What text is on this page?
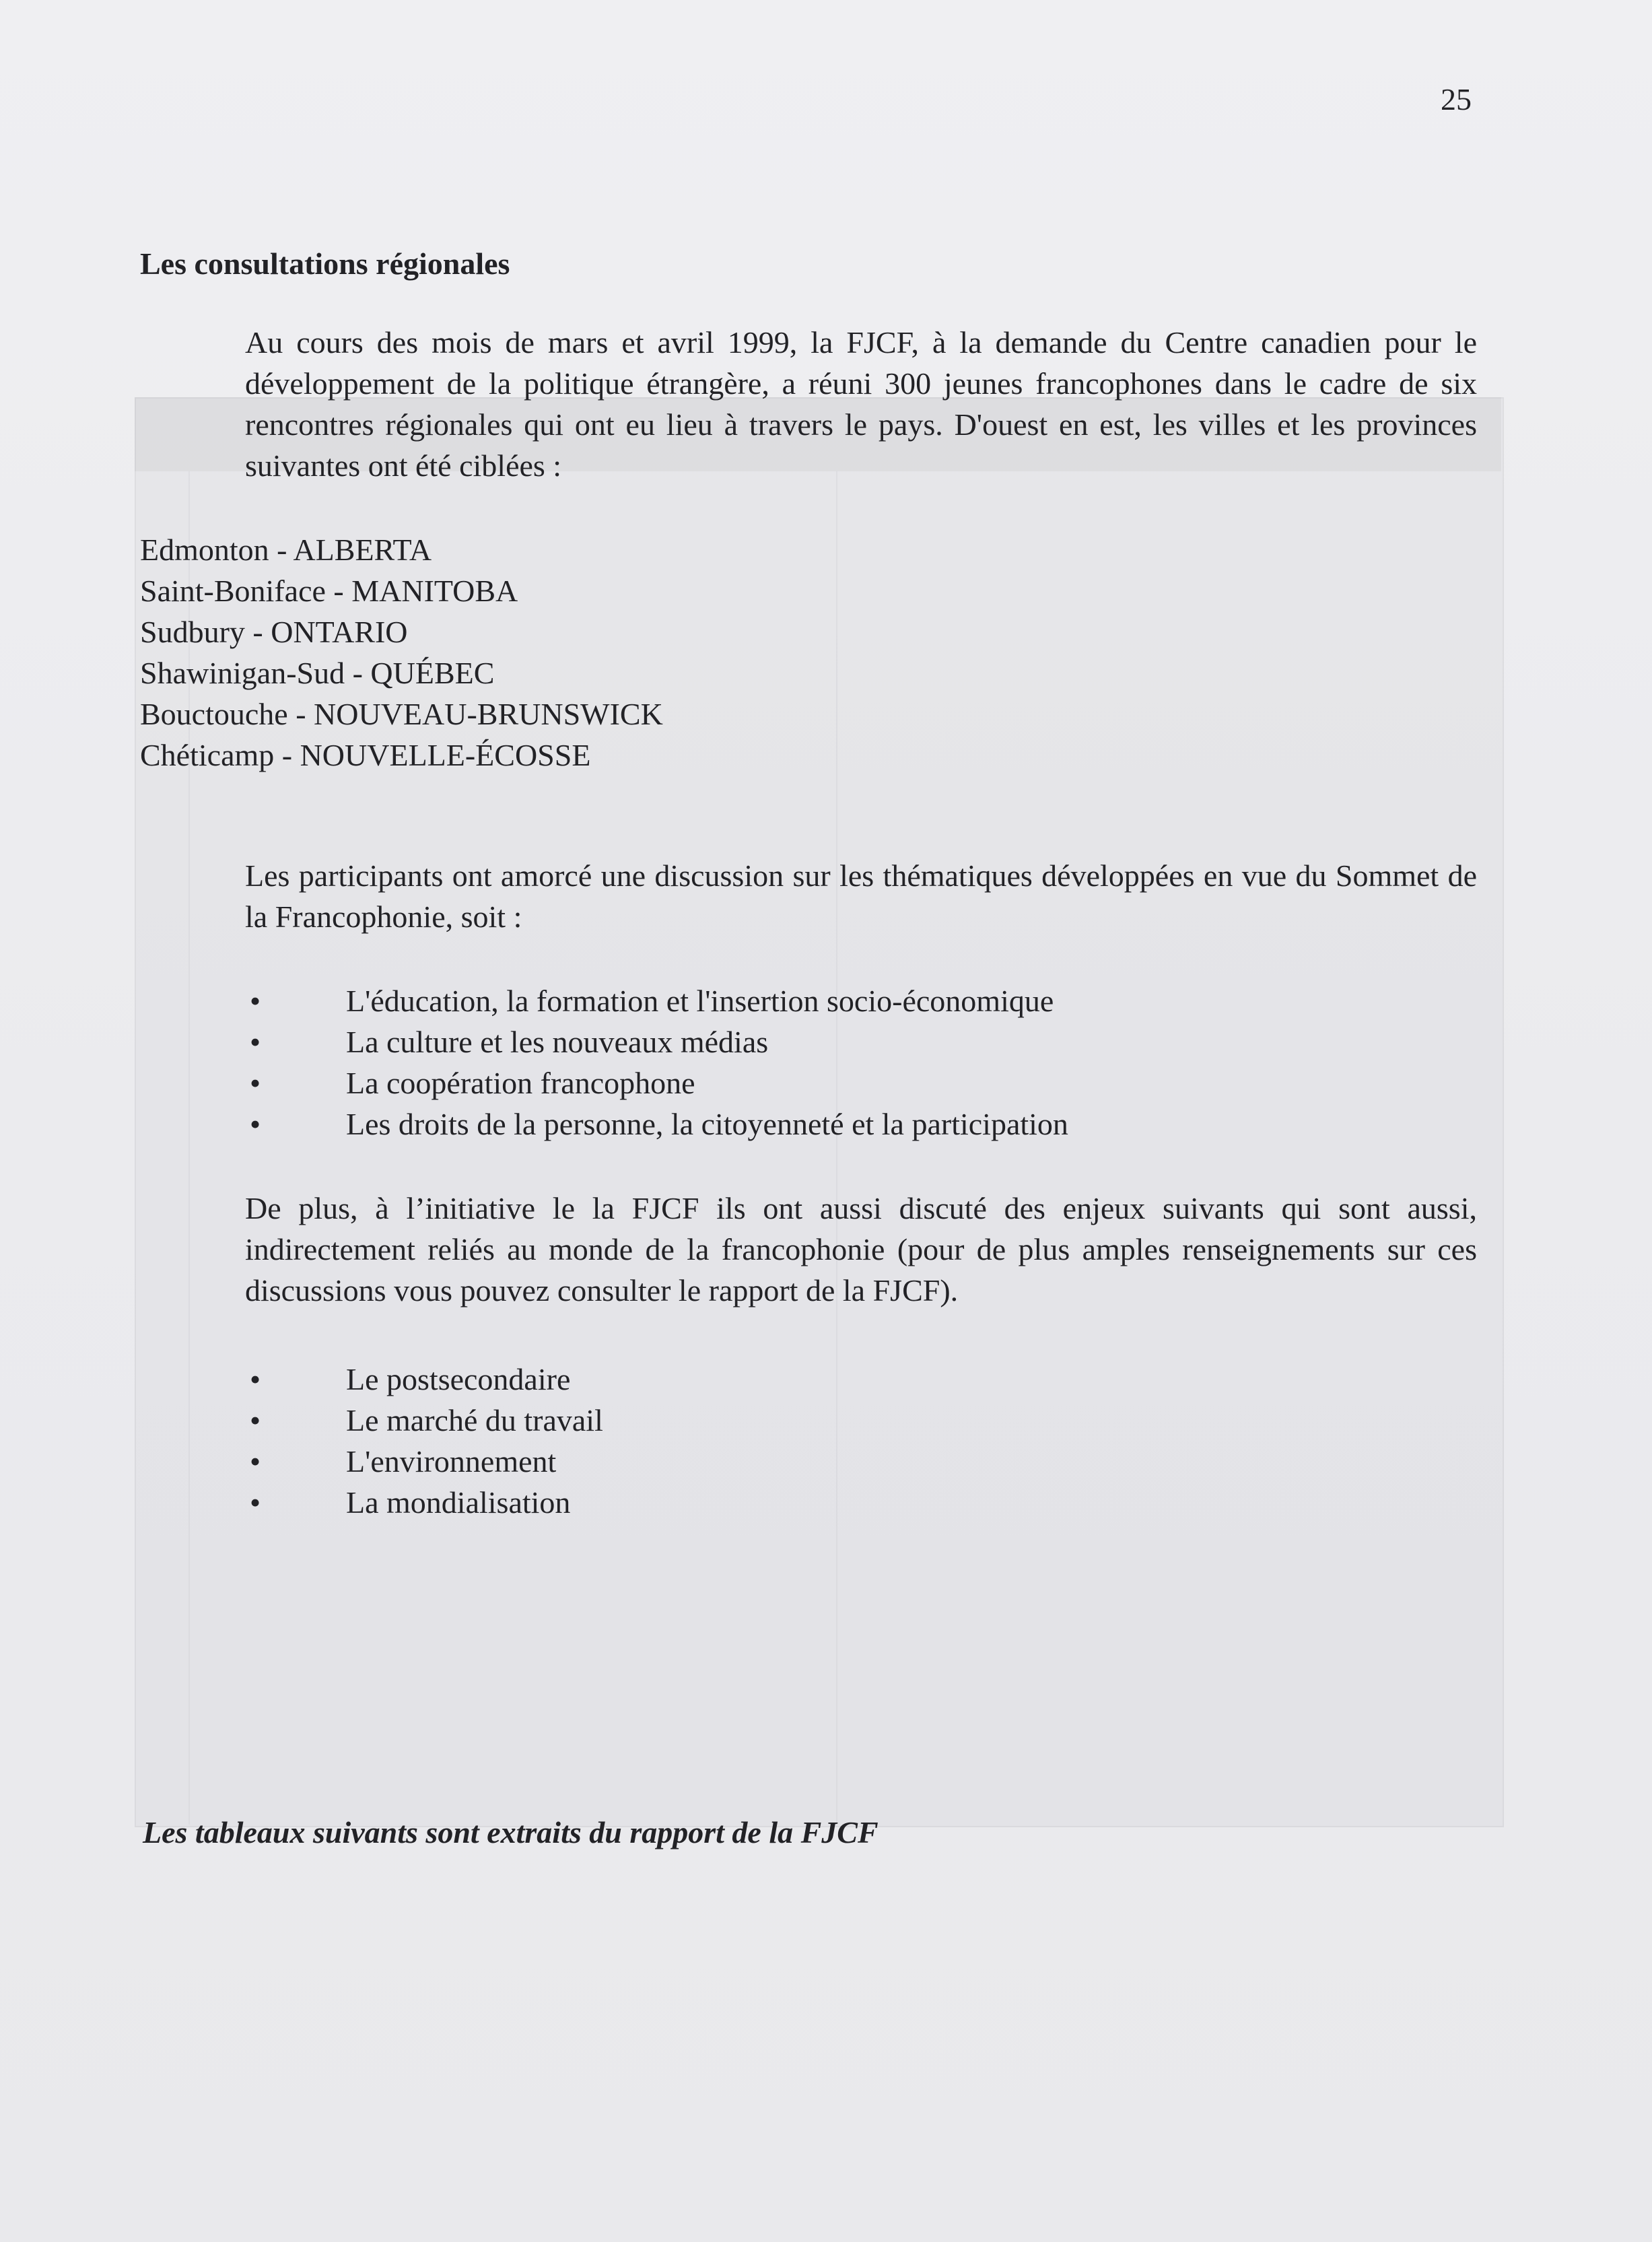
25
Les consultations régionales

Au cours des mois de mars et avril 1999, la FJCF, à la demande du Centre canadien pour le développement de la politique étrangère, a réuni 300 jeunes francophones dans le cadre de six rencontres régionales qui ont eu lieu à travers le pays. D'ouest en est, les villes et les provinces suivantes ont été ciblées :

Edmonton - ALBERTA
Saint-Boniface - MANITOBA
Sudbury - ONTARIO
Shawinigan-Sud - QUÉBEC
Bouctouche - NOUVEAU-BRUNSWICK
Chéticamp - NOUVELLE-ÉCOSSE

Les participants ont amorcé une discussion sur les thématiques développées en vue du Sommet de la Francophonie, soit :

•	L'éducation, la formation et l'insertion socio-économique
•	La culture et les nouveaux médias
•	La coopération francophone
•	Les droits de la personne, la citoyenneté et la participation

De plus, à l’initiative le la FJCF ils ont aussi discuté des enjeux suivants qui sont aussi, indirectement reliés au monde de la francophonie (pour de plus amples renseignements sur ces discussions vous pouvez consulter le rapport de la FJCF).

•	Le postsecondaire
•	Le marché du travail
•	L'environnement
•	La mondialisation
Les tableaux suivants sont extraits du rapport de la FJCF
